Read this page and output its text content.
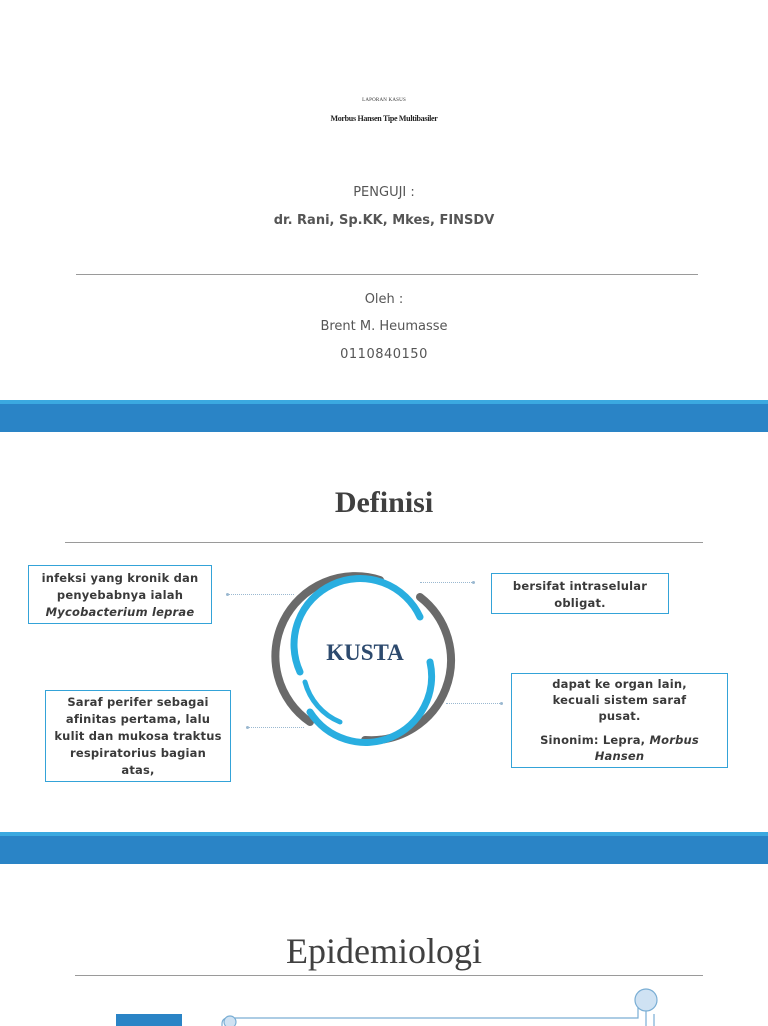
LAPORAN KASUS
Morbus Hansen Tipe Multibasiler
PENGUJI :
dr. Rani, Sp.KK, Mkes, FINSDV
Oleh :
Brent M. Heumasse
0110840150
Definisi
KUSTA
infeksi yang kronik dan
penyebabnya ialah
Mycobacterium leprae
bersifat intraselular
obligat.
Saraf perifer sebagai
afinitas pertama, lalu
kulit dan mukosa traktus
respiratorius bagian
atas,
dapat ke organ lain,
kecuali sistem saraf
pusat.
Sinonim: Lepra, Morbus
Hansen
Epidemiologi
